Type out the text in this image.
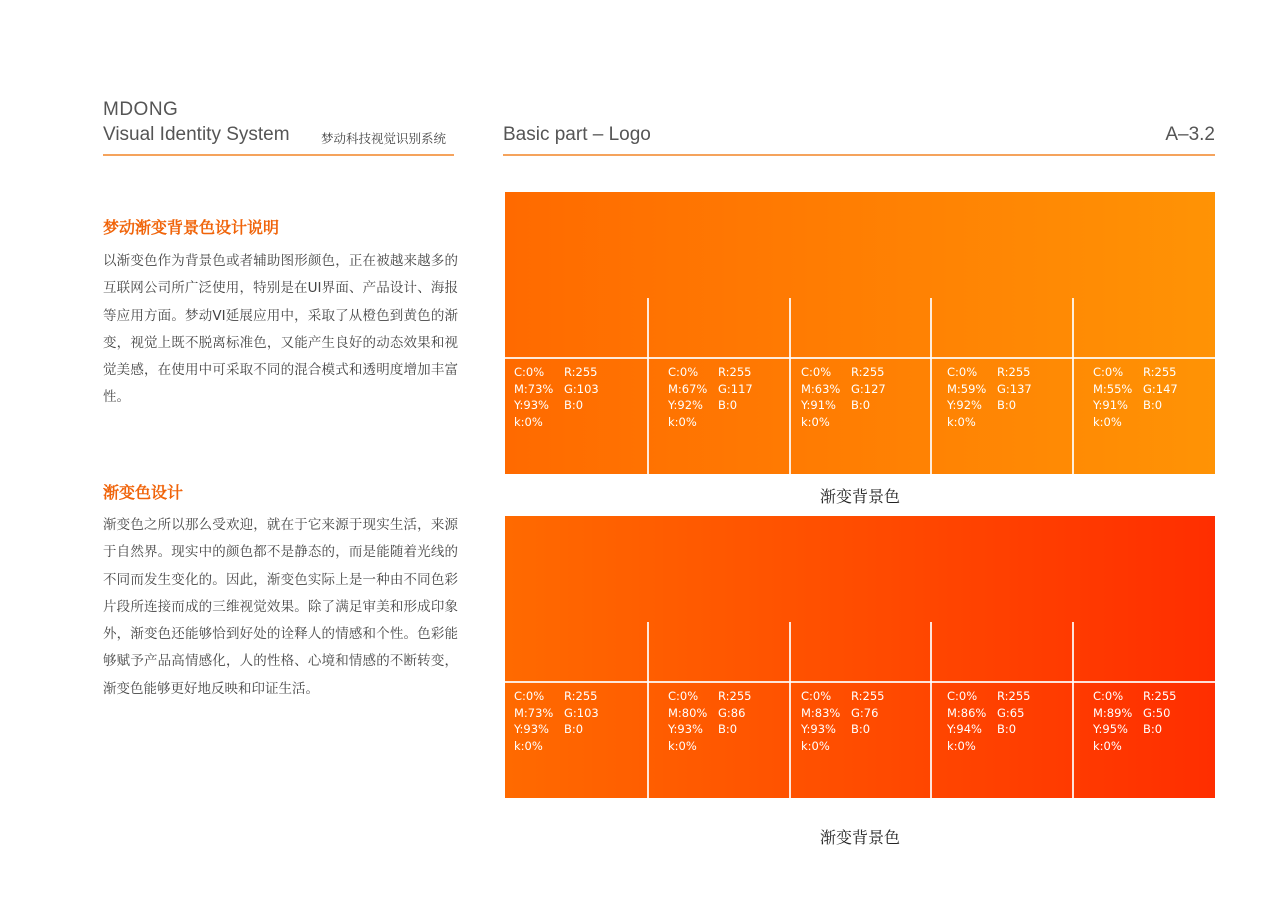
MDONG
Visual Identity System	梦动科技视觉识别系统	Basic part – Logo	A–3.2
梦动渐变背景色设计说明
以渐变色作为背景色或者辅助图形颜色，正在被越来越多的互联网公司所广泛使用，特别是在UI界面、产品设计、海报等应用方面。梦动VI延展应用中，采取了从橙色到黄色的渐变，视觉上既不脱离标准色，又能产生良好的动态效果和视觉美感，在使用中可采取不同的混合模式和透明度增加丰富性。
渐变色设计
渐变色之所以那么受欢迎，就在于它来源于现实生活，来源于自然界。现实中的颜色都不是静态的，而是能随着光线的不同而发生变化的。因此，渐变色实际上是一种由不同色彩片段所连接而成的三维视觉效果。除了满足审美和形成印象外，渐变色还能够恰到好处的诠释人的情感和个性。色彩能够赋予产品高情感化，人的性格、心境和情感的不断转变，渐变色能够更好地反映和印证生活。
C:0%
M:73%
Y:93%
k:0%
R:255
G:103
B:0
C:0%
M:67%
Y:92%
k:0%
R:255
G:117
B:0
C:0%
M:63%
Y:91%
k:0%
R:255
G:127
B:0
C:0%
M:59%
Y:92%
k:0%
R:255
G:137
B:0
C:0%
M:55%
Y:91%
k:0%
R:255
G:147
B:0
渐变背景色
C:0%
M:73%
Y:93%
k:0%
R:255
G:103
B:0
C:0%
M:80%
Y:93%
k:0%
R:255
G:86
B:0
C:0%
M:83%
Y:93%
k:0%
R:255
G:76
B:0
C:0%
M:86%
Y:94%
k:0%
R:255
G:65
B:0
C:0%
M:89%
Y:95%
k:0%
R:255
G:50
B:0
渐变背景色
